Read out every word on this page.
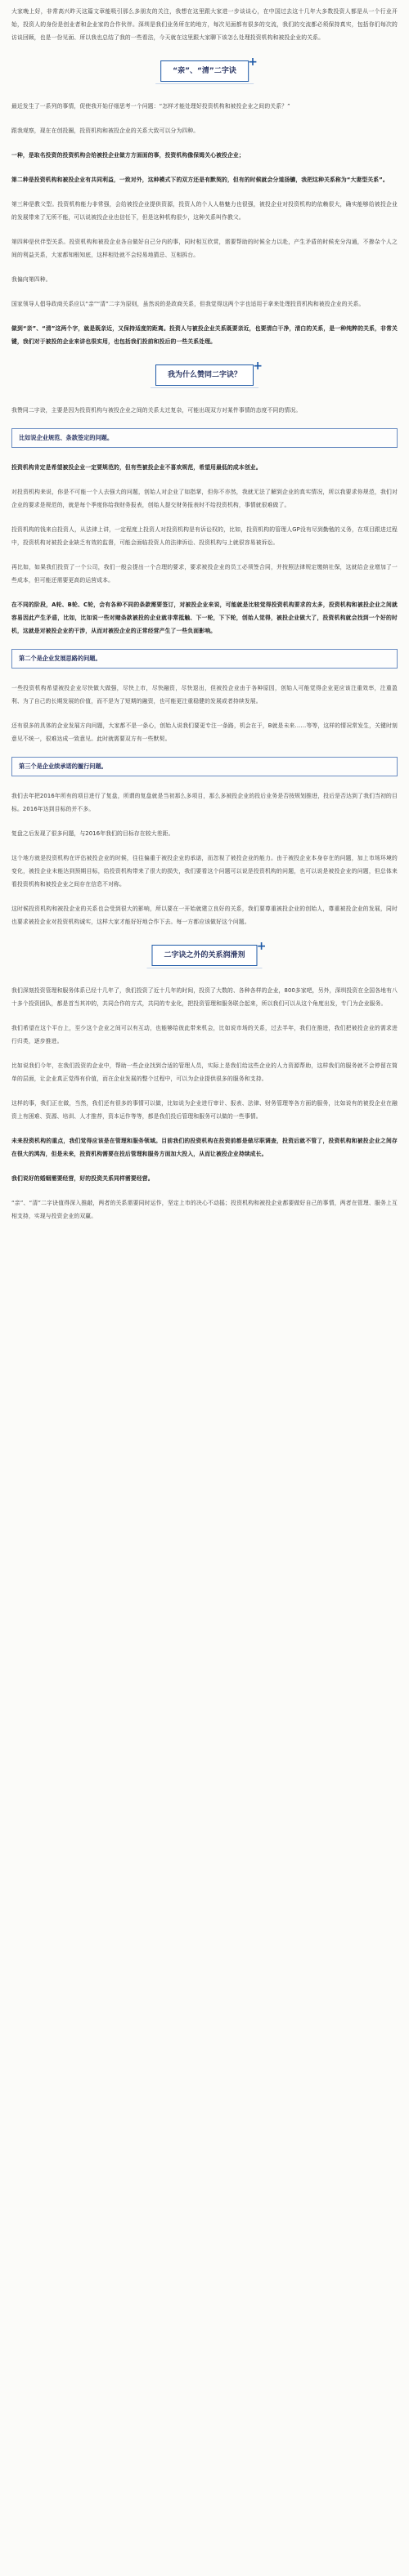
大家晚上好，非常高兴昨天这篇文章能吸引那么多朋友的关注，我想在这里跟大家进一步谈谈心，在中国过去这十几年大多数投资人都是从一个行业开始，投资人的身份是创业者和企业家的合作伙伴。深圳是我们业务所在的地方，每次见面都有很多的交流，我们的交流都必须保持真实，包括你们每次的访谈回顾，也是一份见面、所以我也总结了我的一些看法，今天就在这里跟大家聊下该怎么处理投资机构和被投企业的关系。

“亲”、“清”二字诀
+

最近发生了一系列的事情，促使我开始仔细思考一个问题：“怎样才能处理好投资机构和被投企业之间的关系？”

跟我观察，现在在创投圈，投资机构和被投企业的关系大致可以分为四种。

一种，是取名投资的投资机构会给被投企业做方方面面的事，投资机构像保姆关心被投企业；

第二种是投资机构和被投企业有共同利益，一致对外，这种模式下的双方还是有默契的，但有的时候就会分道扬镳，我把这种关系称为“大妻型关系”。

第三种是教父型。投资机构能力非常强，会给被投企业提供资源，投资人的个人人格魅力也很强，被投企业对投资机构的依赖很大，确实能够给被投企业的发展带来了无所不能，可以说被投企业也信任下，但是这种机构很少，这种关系叫作教父。

第四种是伙伴型关系。投资机构和被投企业各自做好自己分内的事，同时相互欣赏，需要帮助的时候全力以赴，产生矛盾的时候充分沟通，不掺杂个人之间的利益关系，大家都知根知底，这样相处就不会轻易地猜忌、互相拆台。

我偏向第四种。

国家领导人倡导政商关系应以“亲”“清”二字为原则，虽然说的是政商关系，但我觉得这两个字也适用于拿来处理投资机构和被投企业的关系。

做到“亲”、“清”这两个字，就是既亲近，又保持适度的距离。投资人与被投企业关系既要亲近，也要清白干净，清白的关系，是一种纯粹的关系，非常关键，我们对于被投的企业来讲也很实用，也包括我们投前和投后的一些关系处理。

我为什么赞同二字诀？
+

我赞同二字诀，主要是因为投资机构与被投企业之间的关系太过复杂，可能出现双方对某件事情的态度不同的情况。

比如说企业规范、条款签定的问题。

投资机构肯定是希望被投企业一定要规范的，但有些被投企业不喜欢规范，希望用最低的成本创业。

对投资机构来说，你是不可能一个人去强大的问题，创始人对企业了如指掌，但你不亦然，我就无法了解到企业的真实情况，所以我要求你规范，我们对企业的要求是规范的，就是每个季度你给我财务报表，创始人提交财务报表时不给投资机构，事情就很难做了。

投资机构的钱来自投资人，从法律上讲，一定程度上投资人对投资机构是有诉讼权的，比如，投资机构的管理人GP没有尽到勤勉的义务，在项目跟进过程中，投资机构对被投企业缺乏有效的监督，可能会面临投资人的法律诉讼、投资机构与上就很容易被诉讼。

再比如，如果我们投资了一个公司，我们一般会提出一个合理的要求，要求被投企业的员工必须签合同，并按照法律规定缴纳社保，这就给企业增加了一些成本，但可能还需要更高的运营成本。

在不同的阶段，A轮、B轮、C轮，会有各种不同的条款需要签订，对被投企业来说，可能就是比较觉得投资机构要求的太多，投资机构和被投企业之间就容易因此产生矛盾，比如，比如说一些对赌条款被投的企业就非常抵触、下一轮，下下轮，创始人觉得，被投企业做大了，投资机构就会找到一个好的时机，这就是对被投企业的干涉，从而对被投企业的正常经营产生了一些负面影响。

第二个是企业发展思路的问题。

一些投资机构希望被投企业尽快做大做强，尽快上市，尽快融资，尽快退出，但被投企业由于各种原因，创始人可能觉得企业更应该注重效率，注重盈利、为了自己的长期发展的价值，而不是为了短期的融资，也可能更注重稳健的发展或者持续发展。

还有很多的具体的企业发展方向问题，大家都不是一条心，创始人说我们要更专注一条路，机会在于，B就是未来……等等，这样的情况常发生，关键时刻意见不统一，很难达成一致意见。此时就需要双方有一些默契。

第三个是企业续承诺的履行问题。

我们去年把2016年所有的项目进行了复盘，所谓的复盘就是当初那么多项目，那么多被投企业的投后业务是否按规划推进，投后是否达到了我们当初的目标。2016年达到目标的并不多。

复盘之后发现了很多问题，与2016年我们的目标存在较大差距。

这个地方就是投资机构在评估被投企业的时候，往往偏重于被投企业的承诺，而忽视了被投企业的能力。由于被投企业本身存在的问题，加上市场环境的变化，被投企业未能达到预期目标，给投资机构带来了很大的损失，我们要看这个问题可以说是投资机构的问题，也可以说是被投企业的问题，但总体来看投资机构和被投企业之间存在信息不对称。

这时候投资机构和被投企业的关系也会受到很大的影响，所以要在一开始就建立良好的关系，我们要尊重被投企业的创始人，尊重被投企业的发展，同时也要求被投企业对投资机构诚实，这样大家才能好好地合作下去。每一方都应该做好这个问题。

二字诀之外的关系润滑剂
+

我们深刻投资管理和服务体系已经十几年了，我们投资了近十几年的时间，投资了大数的、各种各样的企业，800多家吧，另外，深圳投资在全国各地有八十多个投资团队，都是首当其冲的，共同合作的方式，共同的专业化，把投资管理和服务联合起来，所以我们可以从这个角度出发，专门为企业服务。

我们希望在这个平台上，至少这个企业之间可以有互动，也能够给彼此带来机会，比如说市场的关系，过去半年，我们在推进，我们把被投企业的需求进行归类，逐步推进。

比如说我们今年，在我们投资的企业中，帮助一些企业找到合适的管理人员，实际上是我们给这些企业的人力资源帮助，这样我们的服务就不会停留在简单的层面，让企业真正觉得有价值，而在企业发展的整个过程中，可以为企业提供很多的服务和支持。

这样的事，我们正在做，当然，我们还有很多的事情可以做，比如说为企业进行审计、报表、法律、财务管理等各方面的服务，比如说有的被投企业在融资上有困难、资源、培训、人才推荐，资本运作等等，都是我们投后管理和服务可以做的一些事情。

未来投资机构的重点，我们觉得应该是在管理和服务领域。目前我们的投资机构在投资前都是做尽职调查，投资后就不管了，投资机构和被投企业之间存在很大的鸿沟，但是未来，投资机构需要在投后管理和服务方面加大投入，从而让被投企业持续成长。

我们说好的婚姻需要经营，好的投资关系同样需要经营。

“亲”、“清”二字诀值得深入推敲，两者的关系需要同时运作，坚定上市的决心不动摇；投资机构和被投企业都要做好自己的事情，两者在管理、服务上互相支持，实现与投资企业的双赢。
